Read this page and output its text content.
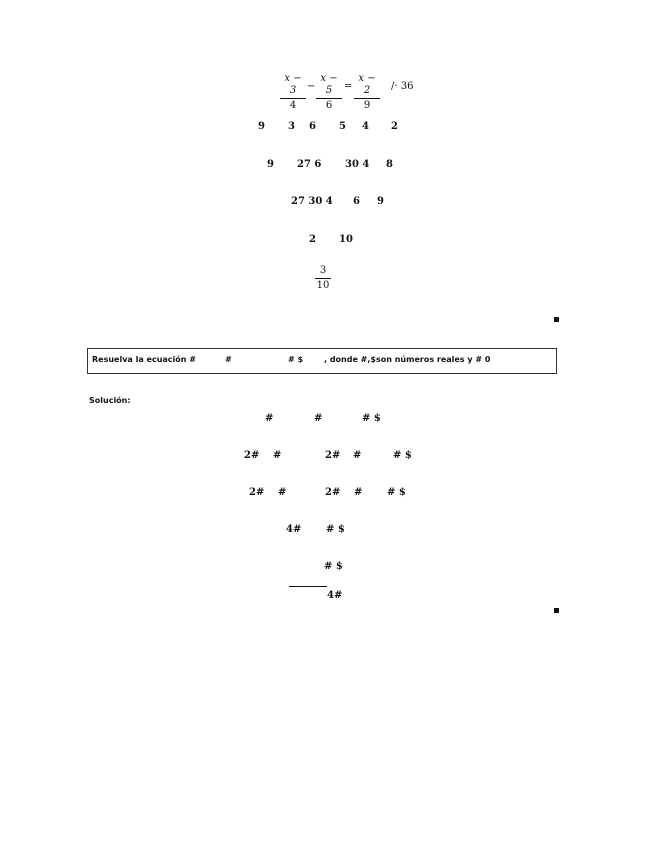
x − 3
4
−
x − 5
6
=
x − 2
9
/· 36
9 3 6 5 4 2
9 27 6 30 4 8
27 30 4 6 9
2 10
3
10
Resuelva la ecuación #	#	# $	, donde #,$son números reales y # 0
Solución:
#	#	# $
2# #	2# #	# $
2# #	2# # # $
4# # $
# $
4#
